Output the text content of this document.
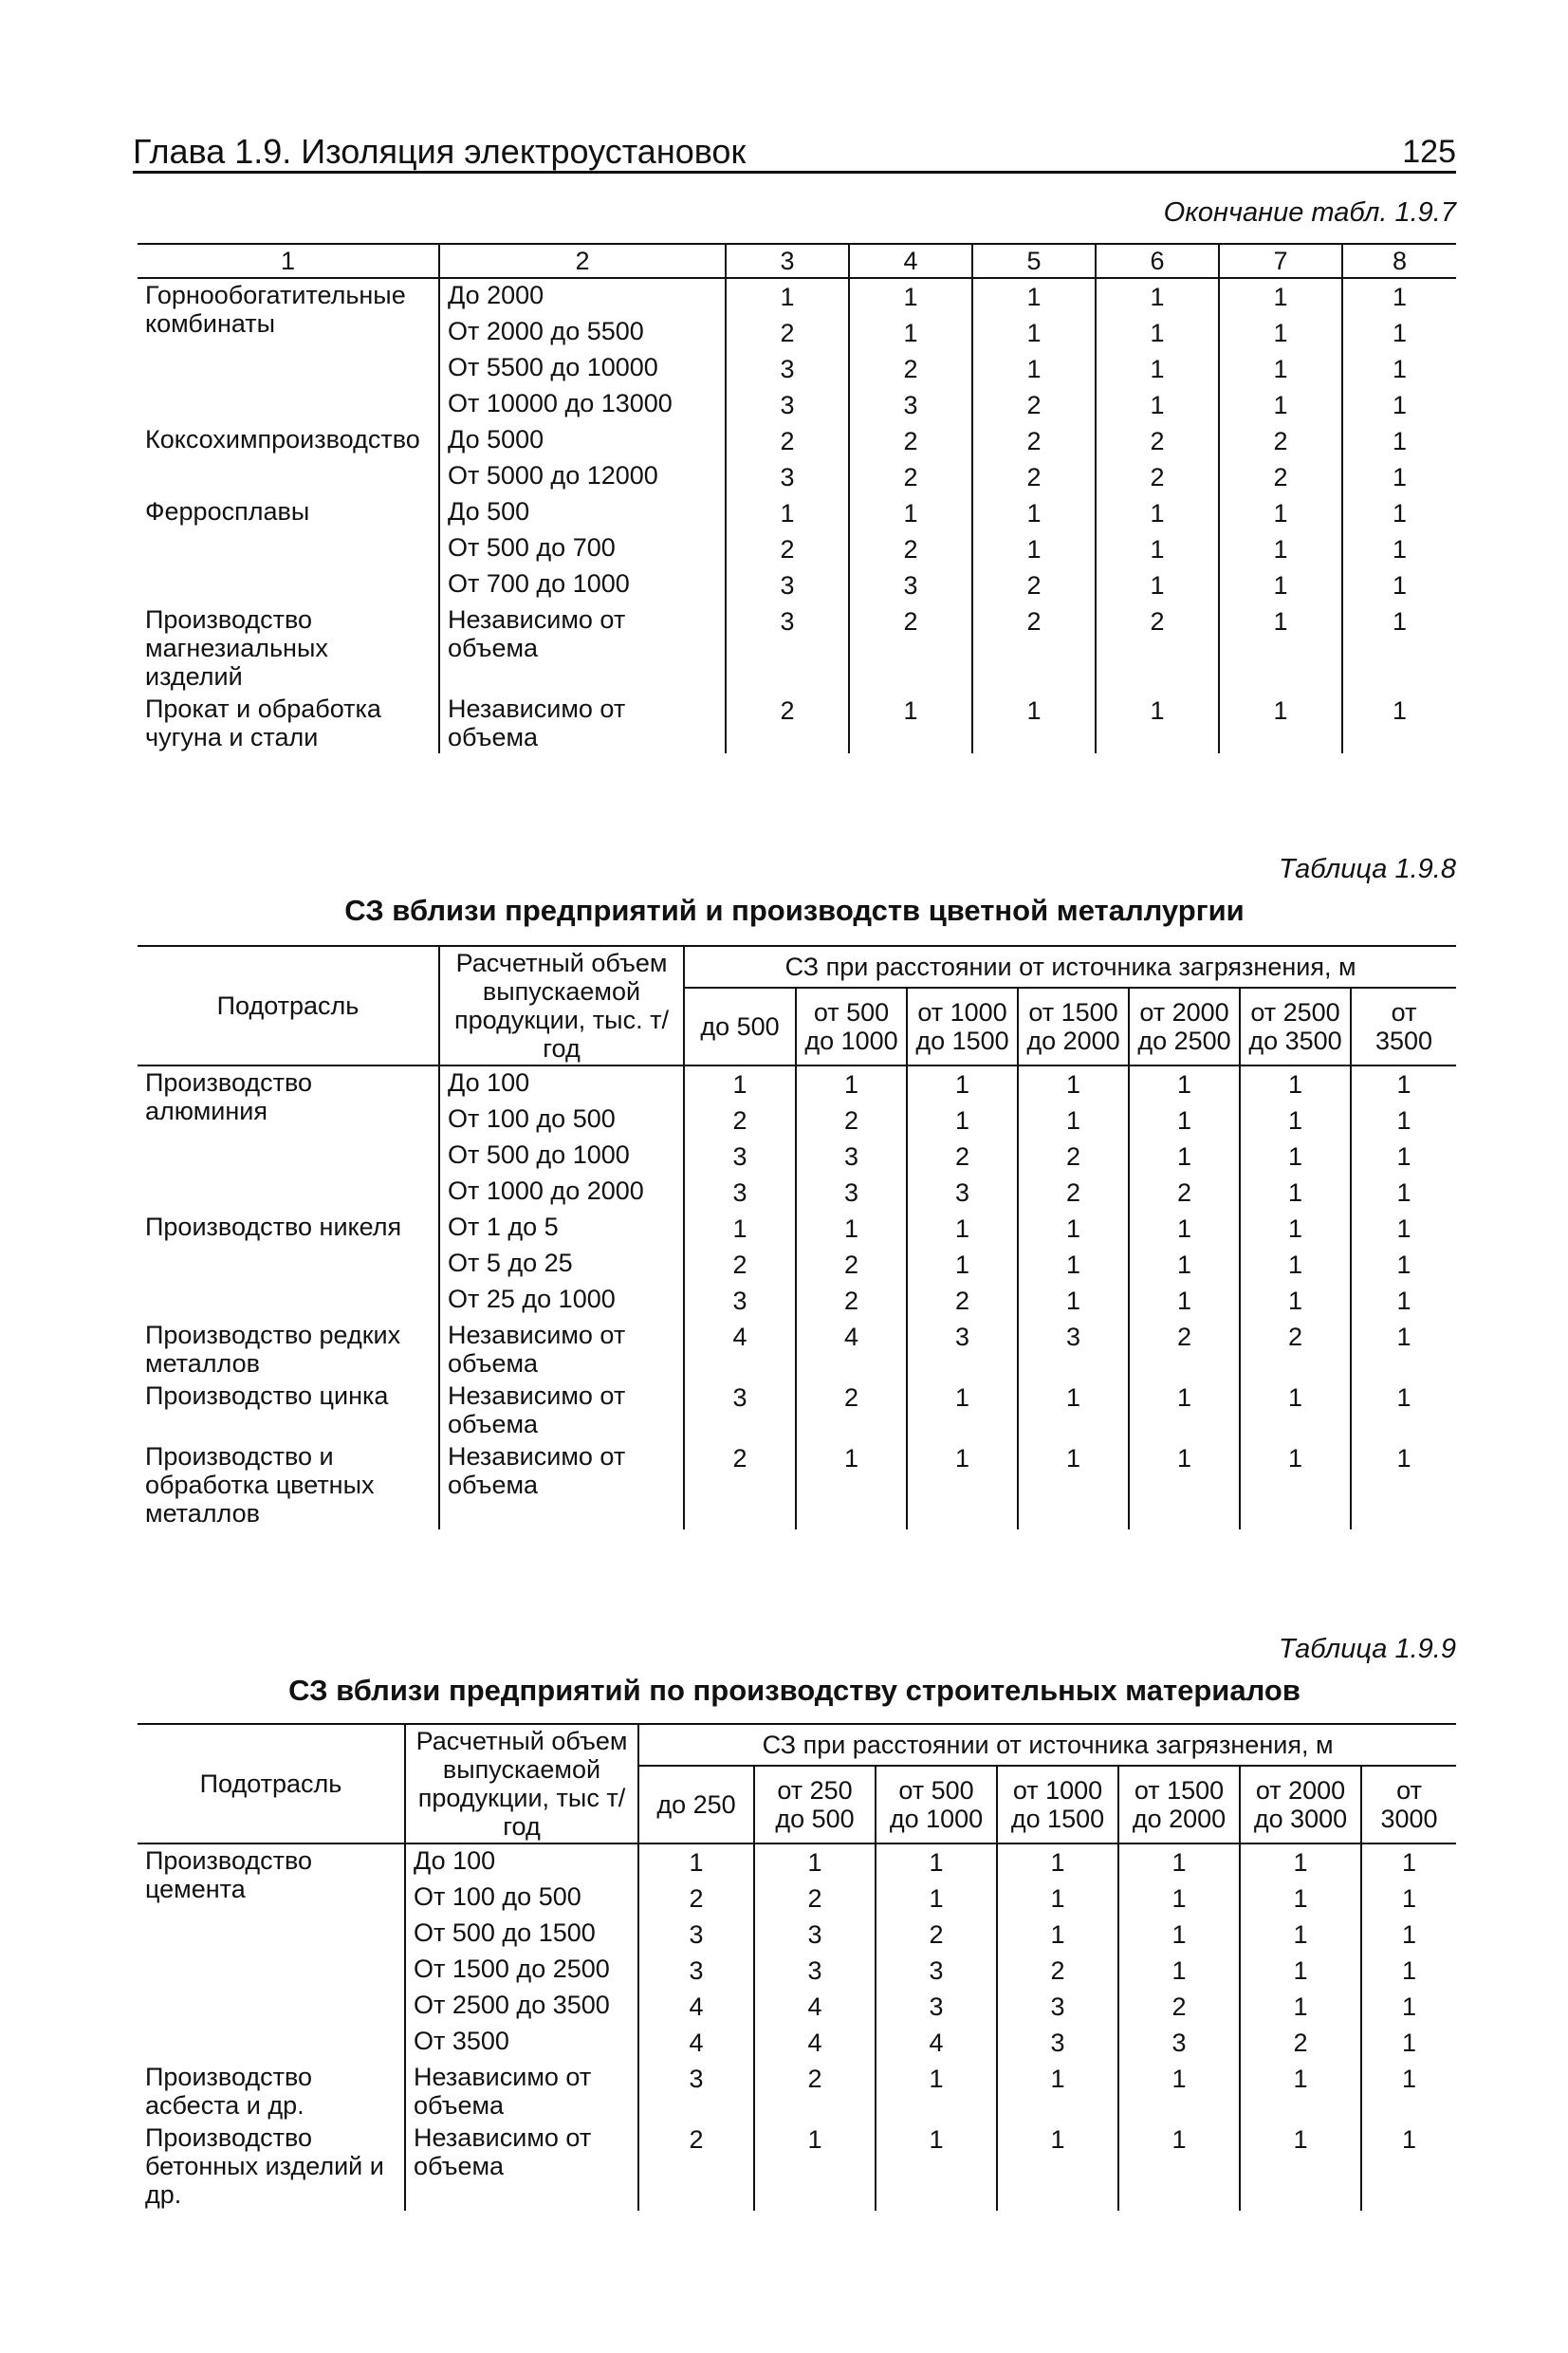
Глава 1.9. Изоляция электроустановок	125
Окончание табл. 1.9.7
1	2	3	4	5	6	7	8
Горнообогатительные комбинаты	До 2000	1	1	1	1	1	1
	От 2000 до 5500	2	1	1	1	1	1
	От 5500 до 10000	3	2	1	1	1	1
	От 10000 до 13000	3	3	2	1	1	1
Коксохимпроизводство	До 5000	2	2	2	2	2	1
	От 5000 до 12000	3	2	2	2	2	1
Ферросплавы	До 500	1	1	1	1	1	1
	От 500 до 700	2	2	1	1	1	1
	От 700 до 1000	3	3	2	1	1	1
Производство магнезиальных изделий	Независимо от объема	3	2	2	2	1	1
Прокат и обработка чугуна и стали	Независимо от объема	2	1	1	1	1	1
Таблица 1.9.8
СЗ вблизи предприятий и производств цветной металлургии
Подотрасль	Расчетный объем выпускаемой продукции, тыс. т/год	СЗ при расстоянии от источника загрязнения, м						
		до 500	от 500 до 1000	от 1000 до 1500	от 1500 до 2000	от 2000 до 2500	от 2500 до 3500	от 3500
Производство алюминия	До 100	1	1	1	1	1	1	1
	От 100 до 500	2	2	1	1	1	1	1
	От 500 до 1000	3	3	2	2	1	1	1
	От 1000 до 2000	3	3	3	2	2	1	1
Производство никеля	От 1 до 5	1	1	1	1	1	1	1
	От 5 до 25	2	2	1	1	1	1	1
	От 25 до 1000	3	2	2	1	1	1	1
Производство редких металлов	Независимо от объема	4	4	3	3	2	2	1
Производство цинка	Независимо от объема	3	2	1	1	1	1	1
Производство и обработка цветных металлов	Независимо от объема	2	1	1	1	1	1	1
Таблица 1.9.9
СЗ вблизи предприятий по производству строительных материалов
Подотрасль	Расчетный объем выпускаемой продукции, тыс т/год	СЗ при расстоянии от источника загрязнения, м						
		до 250	от 250 до 500	от 500 до 1000	от 1000 до 1500	от 1500 до 2000	от 2000 до 3000	от 3000
Производство цемента	До 100	1	1	1	1	1	1	1
	От 100 до 500	2	2	1	1	1	1	1
	От 500 до 1500	3	3	2	1	1	1	1
	От 1500 до 2500	3	3	3	2	1	1	1
	От 2500 до 3500	4	4	3	3	2	1	1
	От 3500	4	4	4	3	3	2	1
Производство асбеста и др.	Независимо от объема	3	2	1	1	1	1	1
Производство бетонных изделий и др.	Независимо от объема	2	1	1	1	1	1	1
